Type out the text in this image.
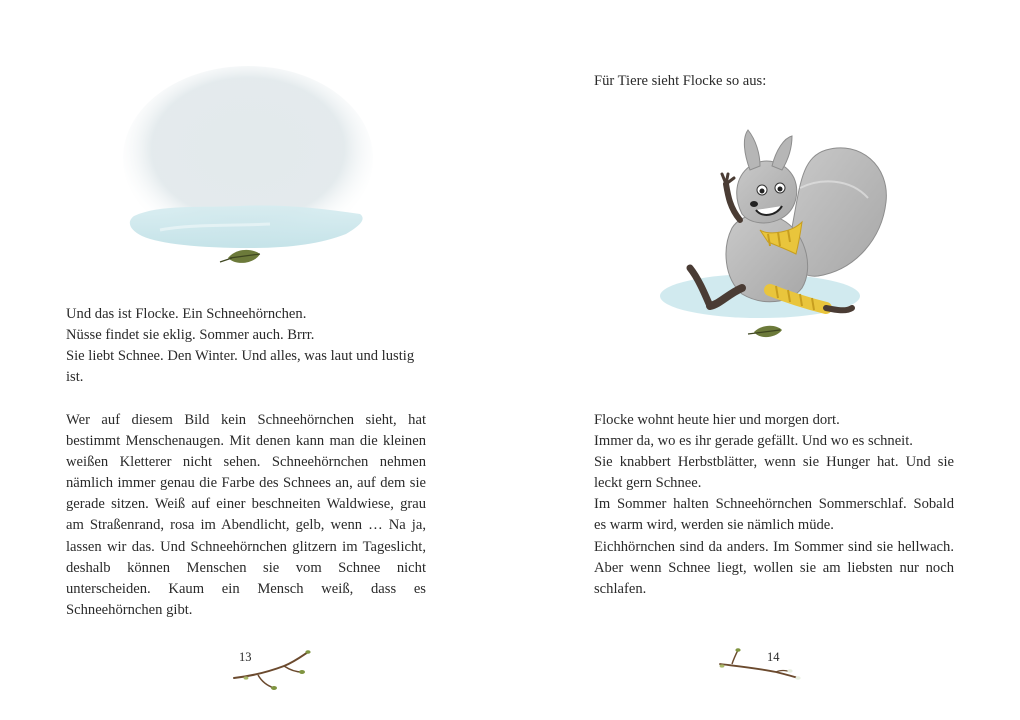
Und das ist Flocke. Ein Schneehörnchen.

Nüsse findet sie eklig. Sommer auch. Brrr.

Sie liebt Schnee. Den Winter. Und alles, was laut und lustig ist.

Wer auf diesem Bild kein Schneehörnchen sieht, hat bestimmt Menschenaugen. Mit denen kann man die kleinen weißen Kletterer nicht sehen. Schneehörnchen nehmen nämlich immer genau die Farbe des Schnees an, auf dem sie gerade sitzen. Weiß auf einer beschneiten Waldwiese, grau am Straßenrand, rosa im Abendlicht, gelb, wenn … Na ja, lassen wir das. Und Schneehörnchen glitzern im Tageslicht, deshalb können Menschen sie vom Schnee nicht unterscheiden. Kaum ein Mensch weiß, dass es Schneehörnchen gibt.

13

Für Tiere sieht Flocke so aus:

Flocke wohnt heute hier und morgen dort.

Immer da, wo es ihr gerade gefällt. Und wo es schneit.

Sie knabbert Herbstblätter, wenn sie Hunger hat. Und sie leckt gern Schnee.

Im Sommer halten Schneehörnchen Sommerschlaf. Sobald es warm wird, werden sie nämlich müde.

Eichhörnchen sind da anders. Im Sommer sind sie hellwach. Aber wenn Schnee liegt, wollen sie am liebsten nur noch schlafen.

14
